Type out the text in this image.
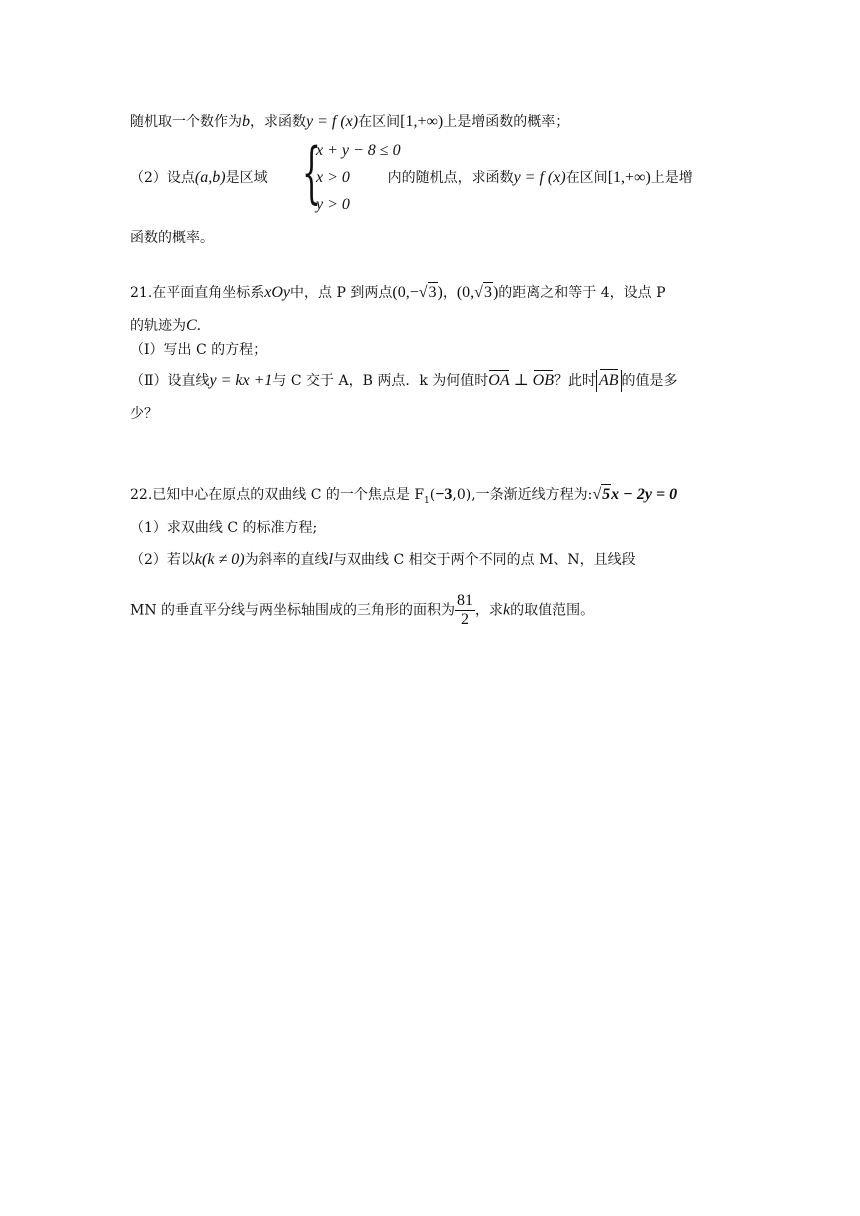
随机取一个数作为b，求函数y = f (x)在区间[1,+∞)上是增函数的概率；
（2）设点(a,b)是区域	内的随机点，求函数y = f (x)在区间[1,+∞)上是增
{
x + y − 8 ≤ 0
x > 0
y > 0
函数的概率。
21.在平面直角坐标系xOy中，点 P 到两点(0,−√3)，(0,√3)的距离之和等于 4，设点 P
的轨迹为C.
（Ⅰ）写出 C 的方程；
（Ⅱ）设直线y = kx +1与 C 交于 A，B 两点．k 为何值时OA ⊥ OB？此时 AB 的值是多
少？
22.已知中心在原点的双曲线 C 的一个焦点是 $F_1(-3,0)$,一条渐近线方程为:√5x − 2y = 0
（1）求双曲线 C 的标准方程;
（2）若以k(k ≠ 0)为斜率的直线l与双曲线 C 相交于两个不同的点 M、N，且线段
MN 的垂直平分线与两坐标轴围成的三角形的面积为 $\frac{81}{2}$ ，求k的取值范围。
